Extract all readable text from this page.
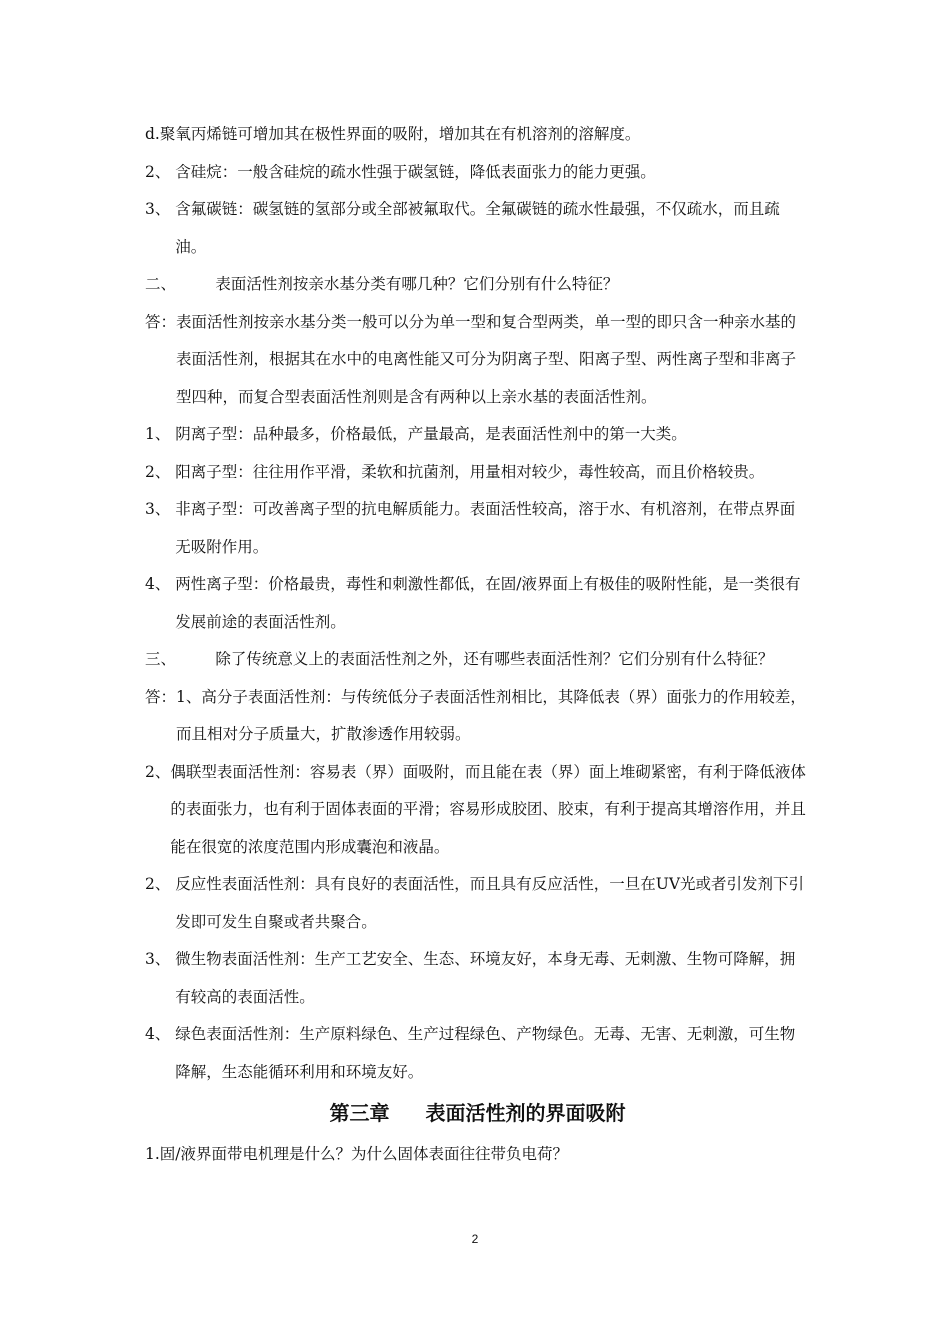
d.聚氧丙烯链可增加其在极性界面的吸附，增加其在有机溶剂的溶解度。

2、 含硅烷：一般含硅烷的疏水性强于碳氢链，降低表面张力的能力更强。
3、 含氟碳链：碳氢链的氢部分或全部被氟取代。全氟碳链的疏水性最强，不仅疏水，而且疏油。
二、 表面活性剂按亲水基分类有哪几种？它们分别有什么特征？
答： 表面活性剂按亲水基分类一般可以分为单一型和复合型两类，单一型的即只含一种亲水基的表面活性剂，根据其在水中的电离性能又可分为阴离子型、阳离子型、两性离子型和非离子型四种，而复合型表面活性剂则是含有两种以上亲水基的表面活性剂。
1、 阴离子型：品种最多，价格最低，产量最高，是表面活性剂中的第一大类。
2、 阳离子型：往往用作平滑，柔软和抗菌剂，用量相对较少，毒性较高，而且价格较贵。
3、 非离子型：可改善离子型的抗电解质能力。表面活性较高，溶于水、有机溶剂，在带点界面无吸附作用。
4、 两性离子型：价格最贵，毒性和刺激性都低，在固/液界面上有极佳的吸附性能，是一类很有发展前途的表面活性剂。
三、 除了传统意义上的表面活性剂之外，还有哪些表面活性剂？它们分别有什么特征？
答： 1、高分子表面活性剂：与传统低分子表面活性剂相比，其降低表（界）面张力的作用较差，而且相对分子质量大，扩散渗透作用较弱。
2、 偶联型表面活性剂：容易表（界）面吸附，而且能在表（界）面上堆砌紧密，有利于降低液体的表面张力，也有利于固体表面的平滑；容易形成胶团、胶束，有利于提高其增溶作用，并且能在很宽的浓度范围内形成囊泡和液晶。
2、 反应性表面活性剂：具有良好的表面活性，而且具有反应活性，一旦在UV光或者引发剂下引发即可发生自聚或者共聚合。
3、 微生物表面活性剂：生产工艺安全、生态、环境友好，本身无毒、无刺激、生物可降解，拥有较高的表面活性。
4、 绿色表面活性剂：生产原料绿色、生产过程绿色、产物绿色。无毒、无害、无刺激，可生物降解，生态能循环利用和环境友好。
第三章 表面活性剂的界面吸附

1.固/液界面带电机理是什么？为什么固体表面往往带负电荷？

2
